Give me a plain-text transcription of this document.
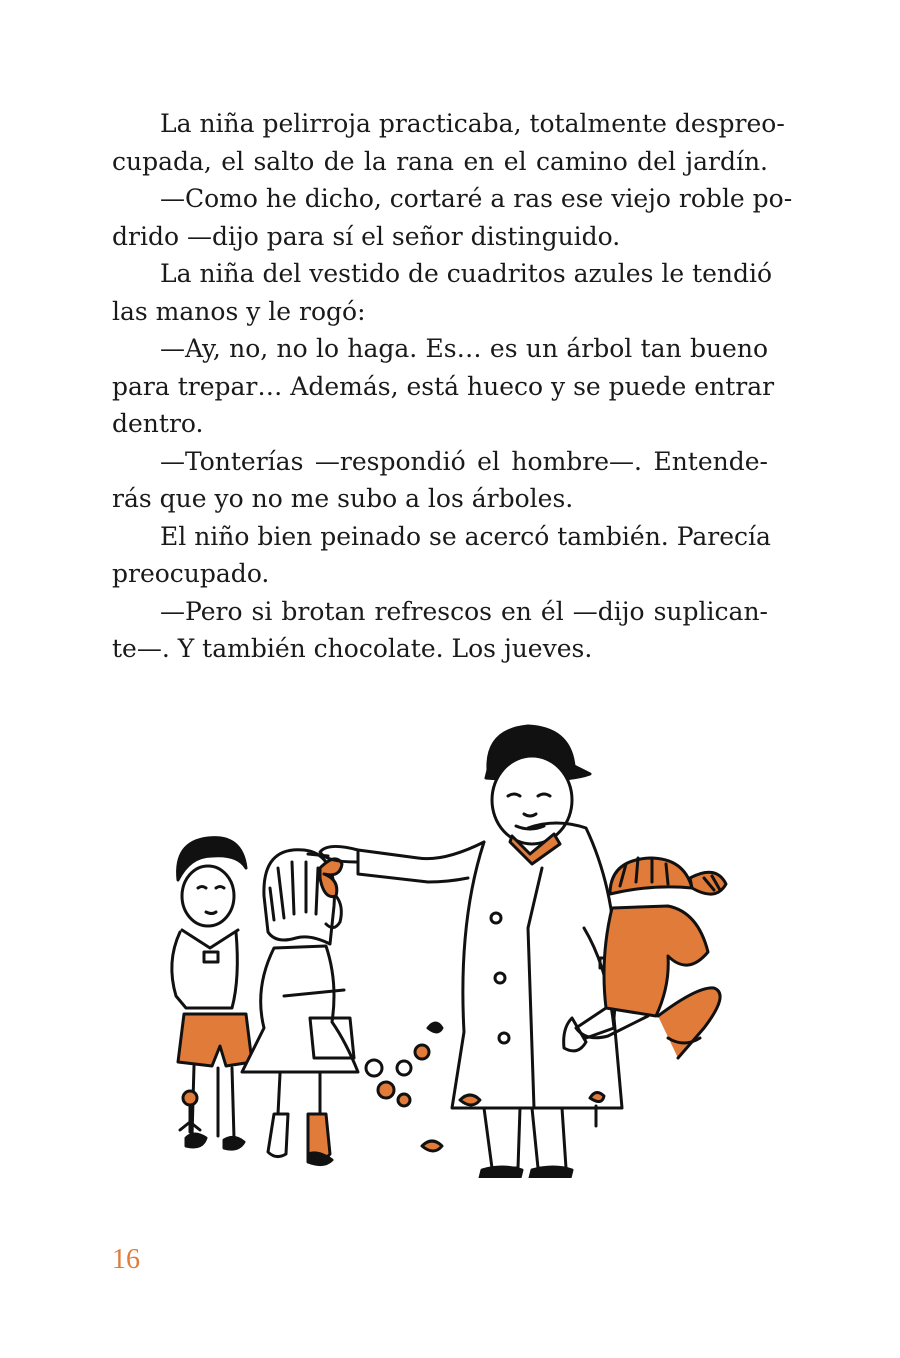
La niña pelirroja practicaba, totalmente despreo-
cupada, el salto de la rana en el camino del jardín.
—Como he dicho, cortaré a ras ese viejo roble po-
drido —dijo para sí el señor distinguido.
La niña del vestido de cuadritos azules le tendió
las manos y le rogó:
—Ay, no, no lo haga. Es… es un árbol tan bueno
para trepar… Además, está hueco y se puede entrar
dentro.
—Tonterías —respondió el hombre—. Entende-
rás que yo no me subo a los árboles.
El niño bien peinado se acercó también. Parecía
preocupado.
—Pero si brotan refrescos en él —dijo suplican-
te—. Y también chocolate. Los jueves.
16
